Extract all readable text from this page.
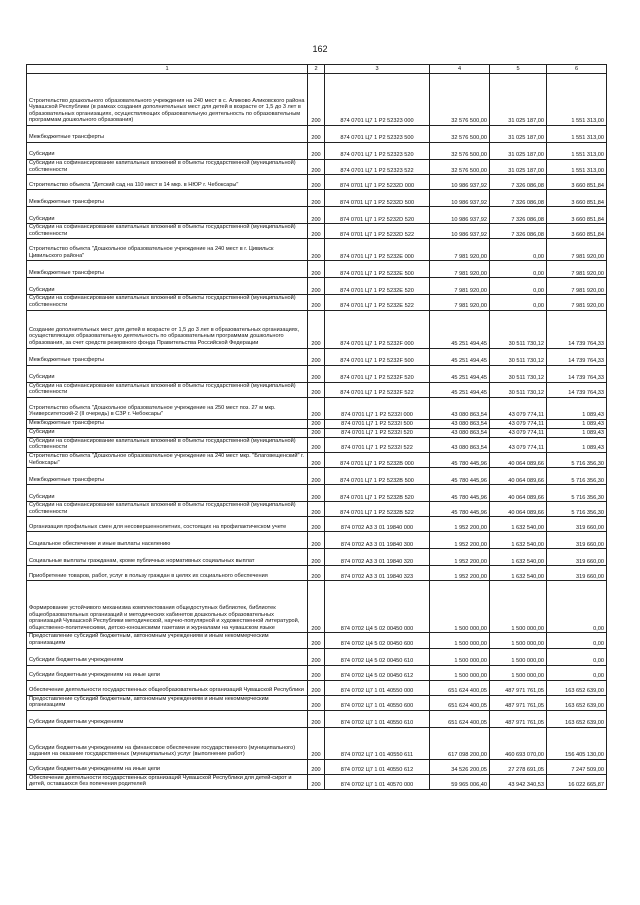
162
1	2	3	4	5	6
Строительство дошкольного образовательного учреждения на 240 мест в с. Аликово Аликовского района Чувашской Республики (в рамках создания дополнительных мест для детей в возрасте от 1,5 до 3 лет в образовательных организациях, осуществляющих образовательную деятельность по образовательным программам дошкольного образования)	200	874 0701 Ц7 1 Р2 52323 000	32 576 500,00	31 025 187,00	1 551 313,00
Межбюджетные трансферты	200	874 0701 Ц7 1 Р2 52323 500	32 576 500,00	31 025 187,00	1 551 313,00
Субсидии	200	874 0701 Ц7 1 Р2 52323 520	32 576 500,00	31 025 187,00	1 551 313,00
Субсидии на софинансирование капитальных вложений в объекты государственной (муниципальной) собственности	200	874 0701 Ц7 1 Р2 52323 522	32 576 500,00	31 025 187,00	1 551 313,00
Строительство объекта "Детский сад на 110 мест в 14 мкр. в НЮР г. Чебоксары"	200	874 0701 Ц7 1 Р2 5232D 000	10 986 937,92	7 326 086,08	3 660 851,84
Межбюджетные трансферты	200	874 0701 Ц7 1 Р2 5232D 500	10 986 937,92	7 326 086,08	3 660 851,84
Субсидии	200	874 0701 Ц7 1 Р2 5232D 520	10 986 937,92	7 326 086,08	3 660 851,84
Субсидии на софинансирование капитальных вложений в объекты государственной (муниципальной) собственности	200	874 0701 Ц7 1 Р2 5232D 522	10 986 937,92	7 326 086,08	3 660 851,84
Строительство объекта "Дошкольное образовательное учреждение на 240 мест в г. Цивильск Цивильского района"	200	874 0701 Ц7 1 Р2 5232E 000	7 981 920,00	0,00	7 981 920,00
Межбюджетные трансферты	200	874 0701 Ц7 1 Р2 5232E 500	7 981 920,00	0,00	7 981 920,00
Субсидии	200	874 0701 Ц7 1 Р2 5232E 520	7 981 920,00	0,00	7 981 920,00
Субсидии на софинансирование капитальных вложений в объекты государственной (муниципальной) собственности	200	874 0701 Ц7 1 Р2 5232E 522	7 981 920,00	0,00	7 981 920,00
Создание дополнительных мест для детей в возрасте от 1,5 до 3 лет в образовательных организациях, осуществляющих образовательную деятельность по образовательным программам дошкольного образования, за счет средств резервного фонда Правительства Российской Федерации	200	874 0701 Ц7 1 Р2 5232F 000	45 251 494,45	30 511 730,12	14 739 764,33
Межбюджетные трансферты	200	874 0701 Ц7 1 Р2 5232F 500	45 251 494,45	30 511 730,12	14 739 764,33
Субсидии	200	874 0701 Ц7 1 Р2 5232F 520	45 251 494,45	30 511 730,12	14 739 764,33
Субсидии на софинансирование капитальных вложений в объекты государственной (муниципальной) собственности	200	874 0701 Ц7 1 Р2 5232F 522	45 251 494,45	30 511 730,12	14 739 764,33
Строительство объекта "Дошкольное образовательное учреждение на 250 мест поз. 27 м мкр. Университетский-2 (II очередь) в СЗР г. Чебоксары"	200	874 0701 Ц7 1 Р2 5232I 000	43 080 863,54	43 079 774,11	1 089,43
Межбюджетные трансферты	200	874 0701 Ц7 1 Р2 5232I 500	43 080 863,54	43 079 774,11	1 089,43
Субсидии	200	874 0701 Ц7 1 Р2 5232I 520	43 080 863,54	43 079 774,11	1 089,43
Субсидии на софинансирование капитальных вложений в объекты государственной (муниципальной) собственности	200	874 0701 Ц7 1 Р2 5232I 522	43 080 863,54	43 079 774,11	1 089,43
Строительство объекта "Дошкольное образовательное учреждение на 240 мест мкр. "Благовещенский" г. Чебоксары"	200	874 0701 Ц7 1 Р2 5232В 000	45 780 445,96	40 064 089,66	5 716 356,30
Межбюджетные трансферты	200	874 0701 Ц7 1 Р2 5232В 500	45 780 445,96	40 064 089,66	5 716 356,30
Субсидии	200	874 0701 Ц7 1 Р2 5232В 520	45 780 445,96	40 064 089,66	5 716 356,30
Субсидии на софинансирование капитальных вложений в объекты государственной (муниципальной) собственности	200	874 0701 Ц7 1 Р2 5232В 522	45 780 445,96	40 064 089,66	5 716 356,30
Организация профильных смен для несовершеннолетних, состоящих на профилактическом учете	200	874 0702 А3 3 01 19840 000	1 952 200,00	1 632 540,00	319 660,00
Социальное обеспечение и иные выплаты населению	200	874 0702 А3 3 01 19840 300	1 952 200,00	1 632 540,00	319 660,00
Социальные выплаты гражданам, кроме публичных нормативных социальных выплат	200	874 0702 А3 3 01 19840 320	1 952 200,00	1 632 540,00	319 660,00
Приобретение товаров, работ, услуг в пользу граждан в целях их социального обеспечения	200	874 0702 А3 3 01 19840 323	1 952 200,00	1 632 540,00	319 660,00
Формирование устойчивого механизма комплектования общедоступных библиотек, библиотек общеобразовательных организаций и методических кабинетов дошкольных образовательных организаций Чувашской Республики методической, научно-популярной и художественной литературой, общественно-политическими, детско-юношескими газетами и журналами на чувашском языке	200	874 0702 Ц4 5 02 00450 000	1 500 000,00	1 500 000,00	0,00
Предоставление субсидий бюджетным, автономным учреждениям и иным некоммерческим организациям	200	874 0702 Ц4 5 02 00450 600	1 500 000,00	1 500 000,00	0,00
Субсидии бюджетным учреждениям	200	874 0702 Ц4 5 02 00450 610	1 500 000,00	1 500 000,00	0,00
Субсидии бюджетным учреждениям на иные цели	200	874 0702 Ц4 5 02 00450 612	1 500 000,00	1 500 000,00	0,00
Обеспечение деятельности государственных общеобразовательных организаций Чувашской Республики	200	874 0702 Ц7 1 01 40550 000	651 624 400,05	487 971 761,05	163 652 639,00
Предоставление субсидий бюджетным, автономным учреждениям и иным некоммерческим организациям	200	874 0702 Ц7 1 01 40550 600	651 624 400,05	487 971 761,05	163 652 639,00
Субсидии бюджетным учреждениям	200	874 0702 Ц7 1 01 40550 610	651 624 400,05	487 971 761,05	163 652 639,00
Субсидии бюджетным учреждениям на финансовое обеспечение государственного (муниципального) задания на оказание государственных (муниципальных) услуг (выполнение работ)	200	874 0702 Ц7 1 01 40550 611	617 098 200,00	460 693 070,00	156 405 130,00
Субсидии бюджетным учреждениям на иные цели	200	874 0702 Ц7 1 01 40550 612	34 526 200,05	27 278 691,05	7 247 509,00
Обеспечение деятельности государственных организаций Чувашской Республики для детей-сирот и детей, оставшихся без попечения родителей	200	874 0702 Ц7 1 01 40570 000	59 965 006,40	43 942 340,53	16 022 665,87
